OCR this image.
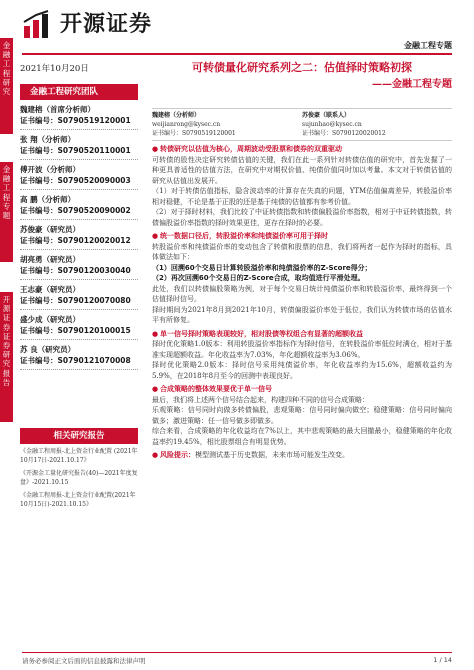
开源证券
金融工程专题
金融工程研究
金融工程专题
开源证券证券研究报告
2021年10月20日
金融工程研究团队
魏建榕（首席分析师）
证书编号：S0790519120001
张 翔（分析师）
证书编号：S0790520110001
傅开波（分析师）
证书编号：S0790520090003
高 鹏（分析师）
证书编号：S0790520090002
苏俊豪（研究员）
证书编号：S0790120020012
胡亮勇（研究员）
证书编号：S0790120030040
王志豪（研究员）
证书编号：S0790120070080
盛少成（研究员）
证书编号：S0790120100015
苏 良（研究员）
证书编号：S0790121070008
相关研究报告
《金融工程周报-北上资金行业配置 (2021年10月17日-2021.10.17》
《开源金工量化研究报告(40)—2021年度复盘》-2021.10.15
《金融工程周报-北上资金行业配置(2021年10月15日)-2021.10.15》
可转债量化研究系列之二：估值择时策略初探
——金融工程专题
魏建榕（分析师）
weijianrong@kysec.cn
证书编号：S0790519120001
苏俊豪（联系人）
sujunhao@kysec.cn
证书编号：S0790120020012
● 转债研究以估值为核心，周期波动受股票和债券的双重驱动
可转债的股性决定研究转债估值的关键，我们在此一系列针对转债估值的研究中，首先发掘了一种更具普适性的估值方法，在研究中对期权价值、纯债价值同时加以考量。本文对于转债估值的研究从估值出发展开。
（1）对于转债估值指标，隐含波动率的计算存在失真的问题，YTM估值偏离差异，转股溢价率相对稳健，不论是基于正股的还是基于纯债的估值都有参考价值。
（2）对于择时材料，我们比较了中证转债指数和转债偏股溢价率指数，相对于中证转债指数，转债偏股溢价率指数的择时效果更佳，更存在择时的必要。
● 统一数据口径后，转股溢价率和纯债溢价率可用于择时
转股溢价率和纯债溢价率的变动包含了转债和股票的信息，我们将两者一起作为择时的指标，具体做法如下：
（1）回溯60个交易日计算转股溢价率和纯债溢价率的Z-Score得分；
（2）再次回溯60个交易日的Z-Score合成，取均值进行平滑处理。
此处，我们以转债偏股策略为例，对于每个交易日统计纯债溢价率和转股溢价率，最终得到一个估值择时信号。
择时期间为2021年8月到2021年10月，转债偏股溢价率处于低位，我们认为转债市场的估值水平有所修复。
● 单一信号择时策略表现较好，相对股债等权组合有显著的超额收益
择时优化策略1.0版本：利用转股溢价率指标作为择时信号，在转股溢价率低位时满仓，相对于基准实现超额收益。年化收益率为7.03%，年化超额收益率为3.06%。
择时优化策略2.0版本：择时信号采用纯债溢价率，年化收益率约为15.6%，超额收益约为5.9%，在2018年8月至今的回测中表现良好。
● 合成策略的整体效果要优于单一信号
最后，我们将上述两个信号结合起来，构建四种不同的信号合成策略：
乐观策略：信号同时向做多转债偏股，悲观策略：信号同时偏向做空；稳健策略：信号同时偏向做多；激进策略：任一信号做多即做多。
综合来看，合成策略的年化收益均在7%以上，其中悲观策略的最大回撤最小，稳健策略的年化收益率约19.45%，相比股票组合有明显优势。
● 风险提示： 模型测试基于历史数据，未来市场可能发生改变。
请务必参阅正文后面的信息披露和法律声明	1 / 14
